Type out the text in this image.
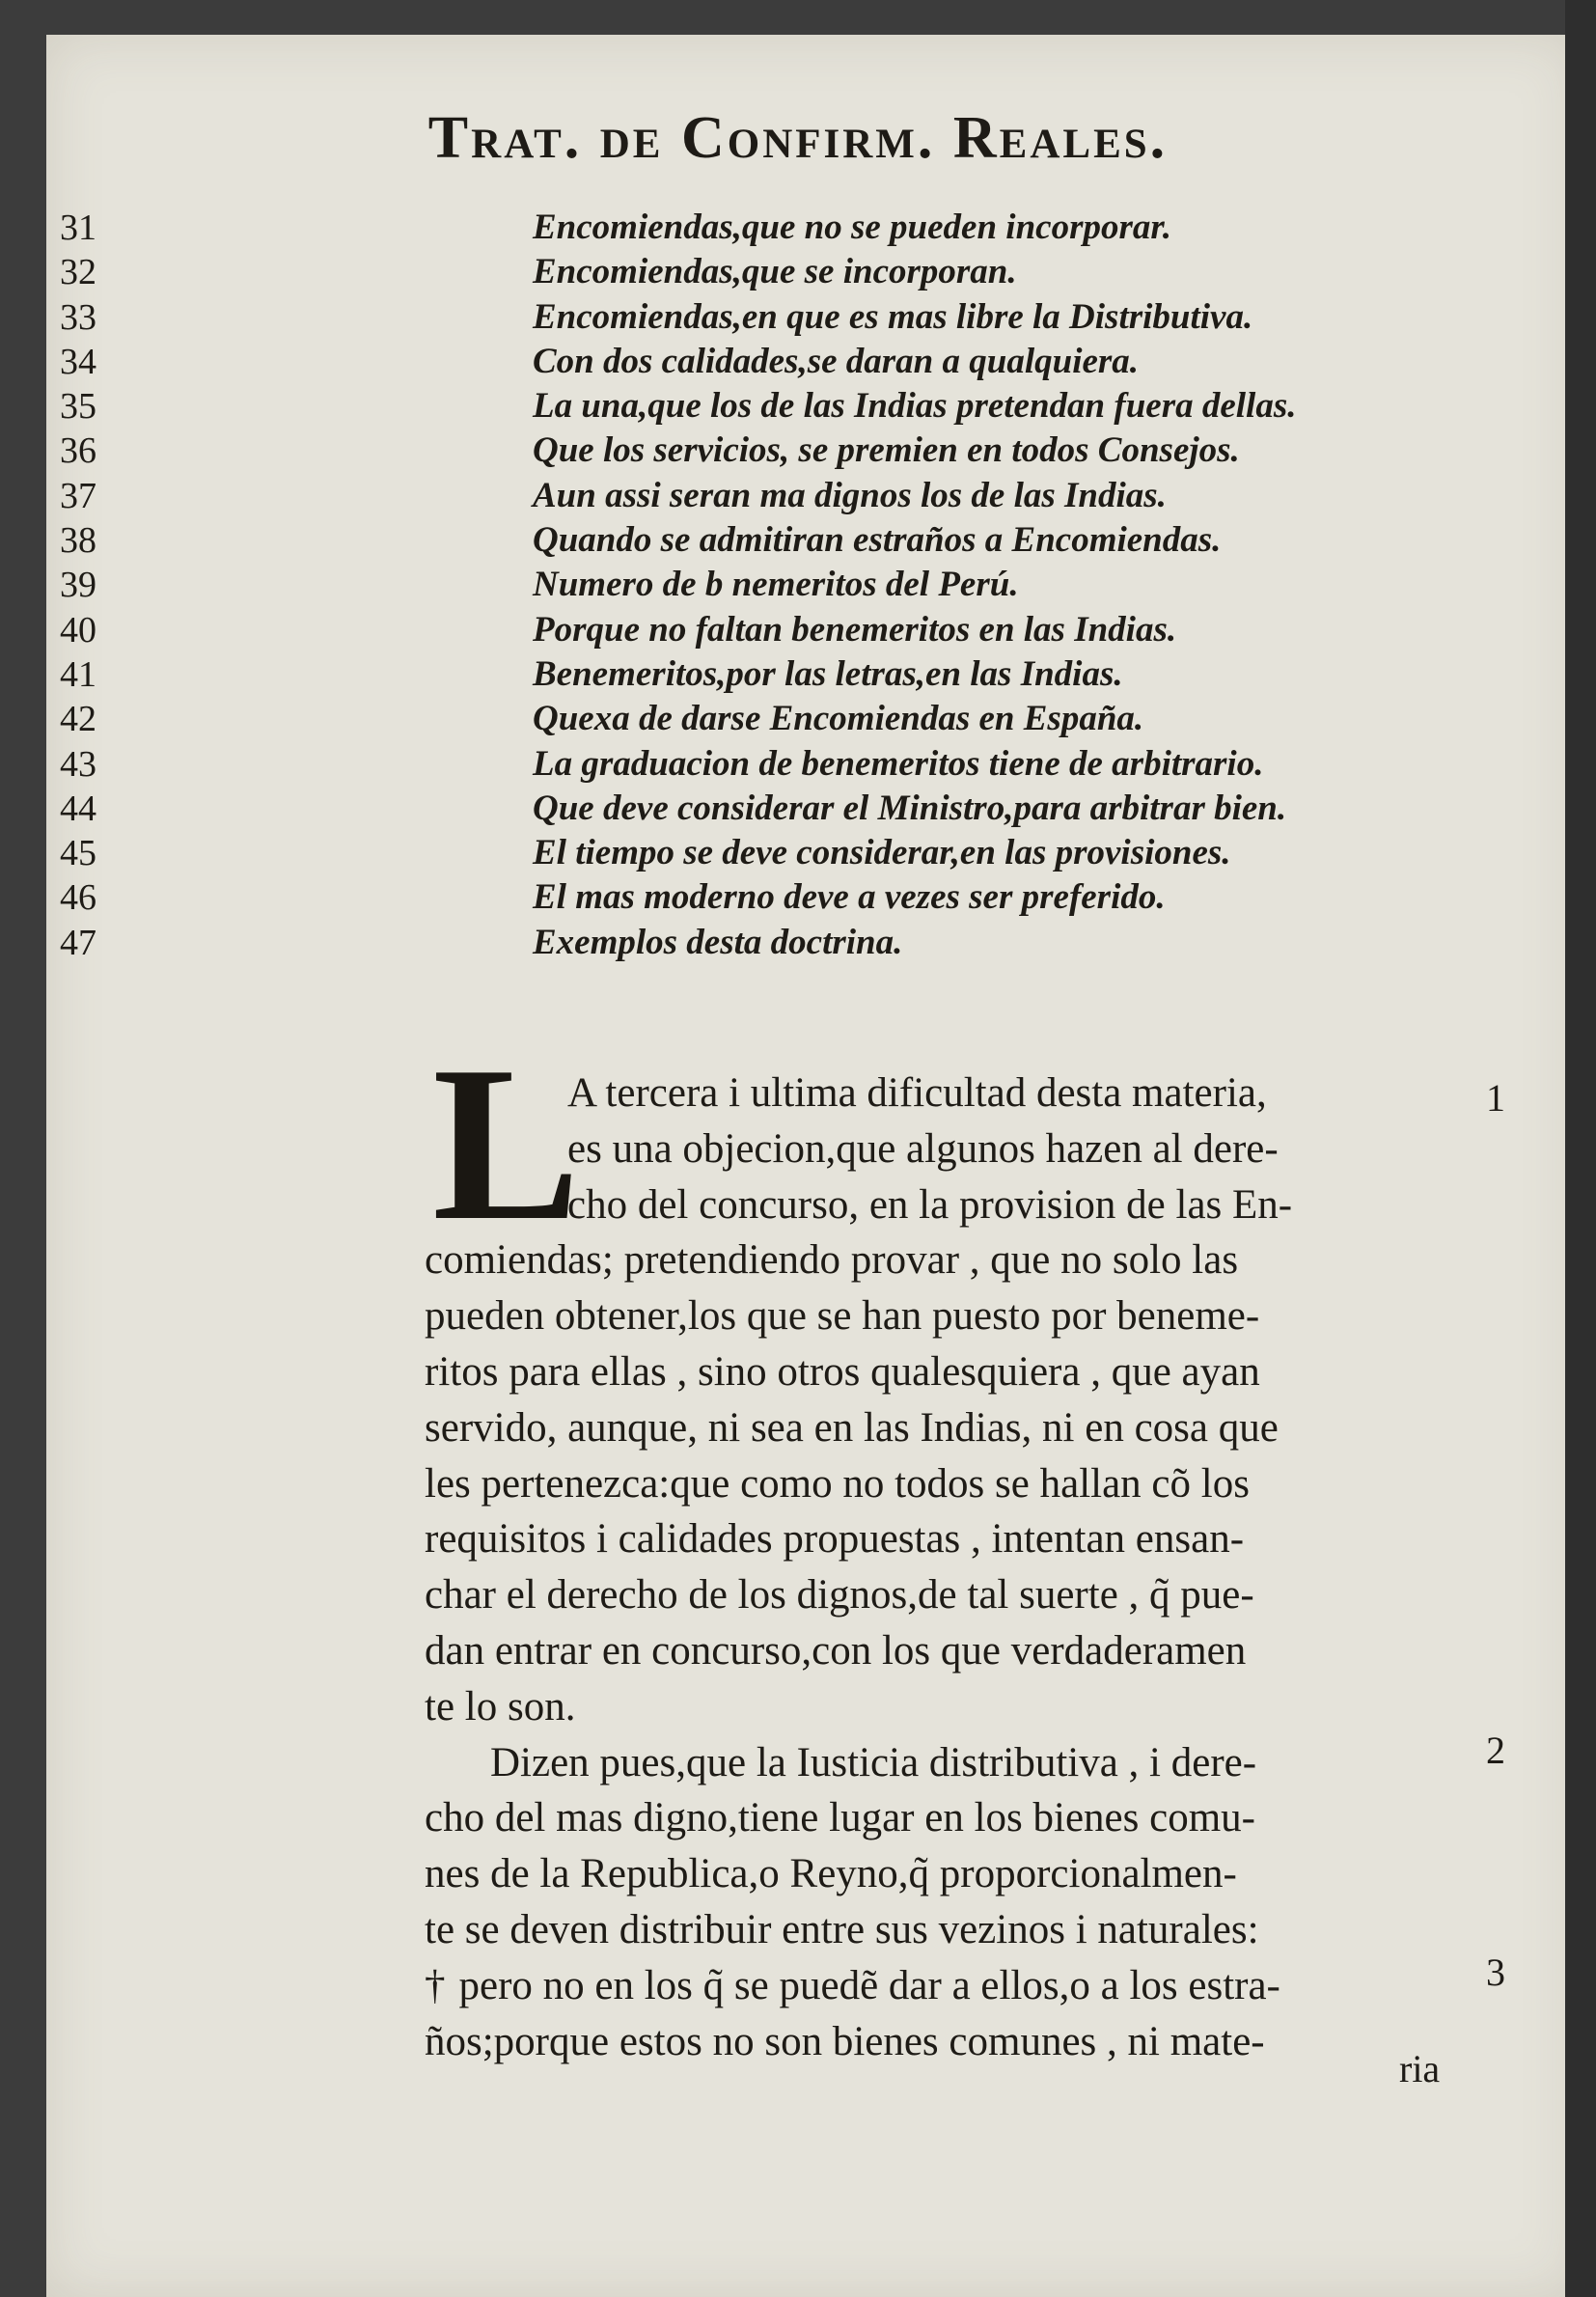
Trat. de Confirm. Reales.
31	Encomiendas,que no se pueden incorporar.
32	Encomiendas,que se incorporan.
33	Encomiendas,en que es mas libre la Distributiva.
34	Con dos calidades,se daran a qualquiera.
35	La una,que los de las Indias pretendan fuera dellas.
36	Que los servicios, se premien en todos Consejos.
37	Aun assi seran ma dignos los de las Indias.
38	Quando se admitiran estraños a Encomiendas.
39	Numero de b nemeritos del Perú.
40	Porque no faltan benemeritos en las Indias.
41	Benemeritos,por las letras,en las Indias.
42	Quexa de darse Encomiendas en España.
43	La graduacion de benemeritos tiene de arbitrario.
44	Que deve considerar el Ministro,para arbitrar bien.
45	El tiempo se deve considerar,en las provisiones.
46	El mas moderno deve a vezes ser preferido.
47	Exemplos desta doctrina.
L
A tercera i ultima dificultad desta materia,
es una objecion,que algunos hazen al dere-
cho del concurso, en la provision de las En-
comiendas; pretendiendo provar , que no solo las
pueden obtener,los que se han puesto por beneme-
ritos para ellas , sino otros qualesquiera , que ayan
servido, aunque, ni sea en las Indias, ni en cosa que
les pertenezca:que como no todos se hallan cõ los
requisitos i calidades propuestas , intentan ensan-
char el derecho de los dignos,de tal suerte , q̃ pue-
dan entrar en concurso,con los que verdaderamen
te lo son.
Dizen pues,que la Iusticia distributiva , i dere-
cho del mas digno,tiene lugar en los bienes comu-
nes de la Republica,o Reyno,q̃ proporcionalmen-
te se deven distribuir entre sus vezinos i naturales:
† pero no en los q̃ se puedẽ dar a ellos,o a los estra-
ños;porque estos no son bienes comunes , ni mate-
1
2
3
ria
